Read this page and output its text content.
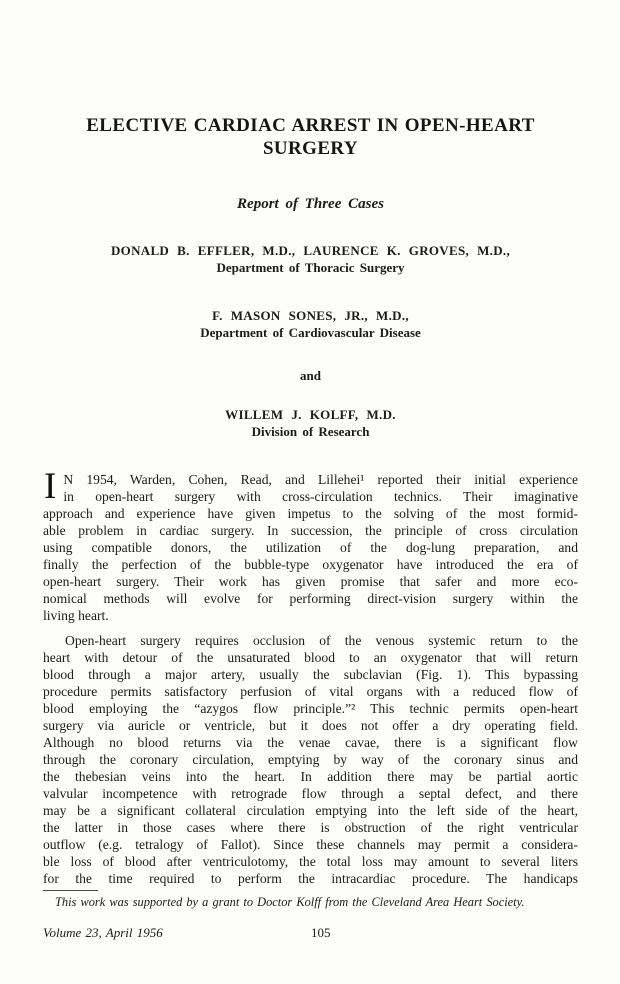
ELECTIVE CARDIAC ARREST IN OPEN-HEART SURGERY
Report of Three Cases
DONALD B. EFFLER, M.D., LAURENCE K. GROVES, M.D.,
Department of Thoracic Surgery
F. MASON SONES, JR., M.D.,
Department of Cardiovascular Disease
and
WILLEM J. KOLFF, M.D.
Division of Research
I N 1954, Warden, Cohen, Read, and Lillehei¹ reported their initial experience
in open-heart surgery with cross-circulation technics. Their imaginative
approach and experience have given impetus to the solving of the most formid-
able problem in cardiac surgery. In succession, the principle of cross circulation
using compatible donors, the utilization of the dog-lung preparation, and
finally the perfection of the bubble-type oxygenator have introduced the era of
open-heart surgery. Their work has given promise that safer and more eco-
nomical methods will evolve for performing direct-vision surgery within the
living heart.
Open-heart surgery requires occlusion of the venous systemic return to the
heart with detour of the unsaturated blood to an oxygenator that will return
blood through a major artery, usually the subclavian (Fig. 1). This bypassing
procedure permits satisfactory perfusion of vital organs with a reduced flow of
blood employing the “azygos flow principle.”² This technic permits open-heart
surgery via auricle or ventricle, but it does not offer a dry operating field.
Although no blood returns via the venae cavae, there is a significant flow
through the coronary circulation, emptying by way of the coronary sinus and
the thebesian veins into the heart. In addition there may be partial aortic
valvular incompetence with retrograde flow through a septal defect, and there
may be a significant collateral circulation emptying into the left side of the heart,
the latter in those cases where there is obstruction of the right ventricular
outflow (e.g. tetralogy of Fallot). Since these channels may permit a considera-
ble loss of blood after ventriculotomy, the total loss may amount to several liters
for the time required to perform the intracardiac procedure. The handicaps
This work was supported by a grant to Doctor Kolff from the Cleveland Area Heart Society.
Volume 23, April 1956	105
